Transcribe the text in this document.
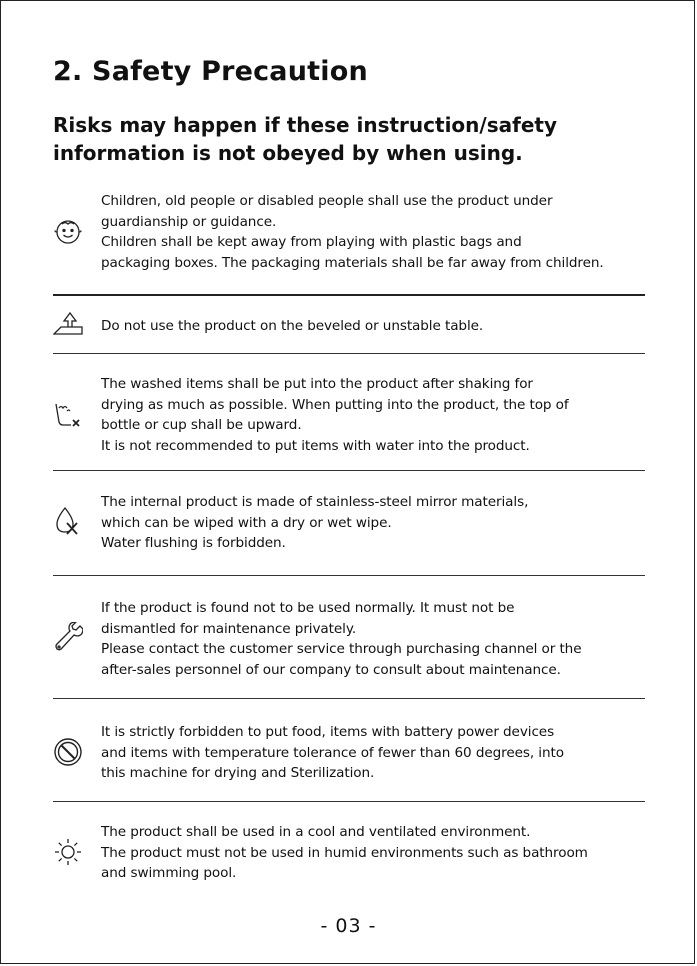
2. Safety Precaution
Risks may happen if these instruction/safety
information is not obeyed by when using.

Children, old people or disabled people shall use the product under

guardianship or guidance.

Children shall be kept away from playing with plastic bags and

packaging boxes. The packaging materials shall be far away from children.

Do not use the product on the beveled or unstable table.

The washed items shall be put into the product after shaking for

drying as much as possible. When putting into the product, the top of

bottle or cup shall be upward.

It is not recommended to put items with water into the product.

The internal product is made of stainless-steel mirror materials,

which can be wiped with a dry or wet wipe.

Water flushing is forbidden.

If the product is found not to be used normally. It must not be

dismantled for maintenance privately.

Please contact the customer service through purchasing channel or the

after-sales personnel of our company to consult about maintenance.

It is strictly forbidden to put food, items with battery power devices

and items with temperature tolerance of fewer than 60 degrees, into

this machine for drying and Sterilization.

The product shall be used in a cool and ventilated environment.

The product must not be used in humid environments such as bathroom

and swimming pool.

- 03 -
